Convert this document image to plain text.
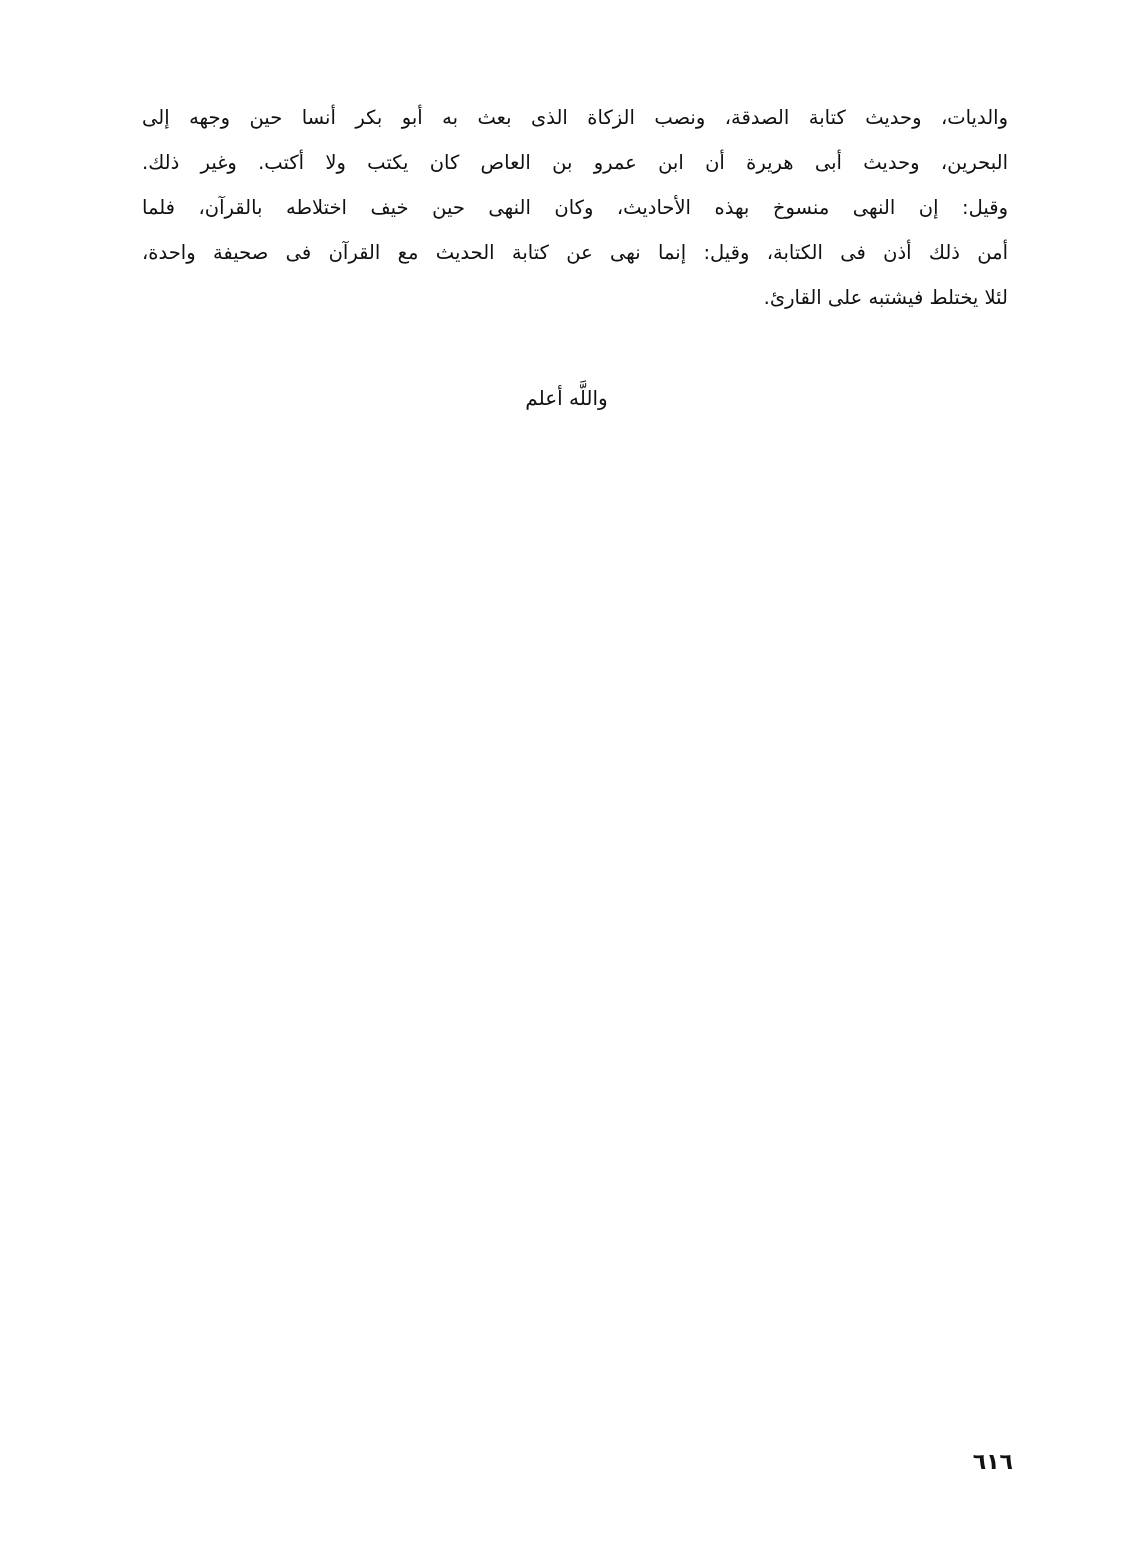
والديات، وحديث كتابة الصدقة، ونصب الزكاة الذى بعث به أبو بكر أنسا حين وجهه إلى
البحرين، وحديث أبى هريرة أن ابن عمرو بن العاص كان يكتب ولا أكتب. وغير ذلك.
وقيل: إن النهى منسوخ بهذه الأحاديث، وكان النهى حين خيف اختلاطه بالقرآن، فلما
أمن ذلك أذن فى الكتابة، وقيل: إنما نهى عن كتابة الحديث مع القرآن فى صحيفة واحدة،
لئلا يختلط فيشتبه على القارئ.
واللَّه أعلم
٦١٦
